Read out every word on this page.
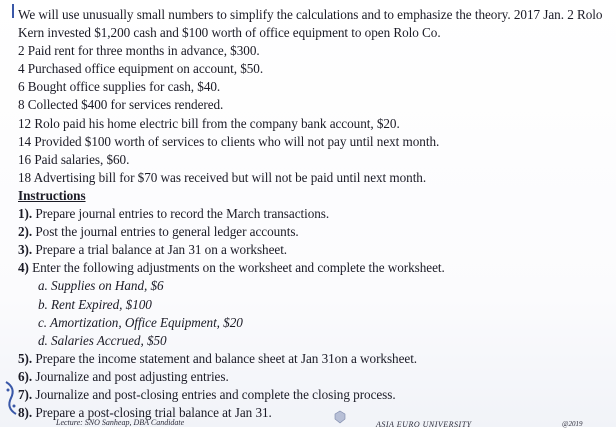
We will use unusually small numbers to simplify the calculations and to emphasize the theory. 2017 Jan. 2 Rolo Kern invested $1,200 cash and $100 worth of office equipment to open Rolo Co.
2 Paid rent for three months in advance, $300.
4 Purchased office equipment on account, $50.
6 Bought office supplies for cash, $40.
8 Collected $400 for services rendered.
12 Rolo paid his home electric bill from the company bank account, $20.
14 Provided $100 worth of services to clients who will not pay until next month.
16 Paid salaries, $60.
18 Advertising bill for $70 was received but will not be paid until next month.
Instructions
1). Prepare journal entries to record the March transactions.
2). Post the journal entries to general ledger accounts.
3). Prepare a trial balance at Jan 31 on a worksheet.
4) Enter the following adjustments on the worksheet and complete the worksheet.
a. Supplies on Hand, $6
b. Rent Expired, $100
c. Amortization, Office Equipment, $20
d. Salaries Accrued, $50
5). Prepare the income statement and balance sheet at Jan 31on a worksheet.
6). Journalize and post adjusting entries.
7). Journalize and post-closing entries and complete the closing process.
8). Prepare a post-closing trial balance at Jan 31.
Lecture: SNO Sanheap, DBA Candidate	ASIA EURO UNIVERSITY	@2019
